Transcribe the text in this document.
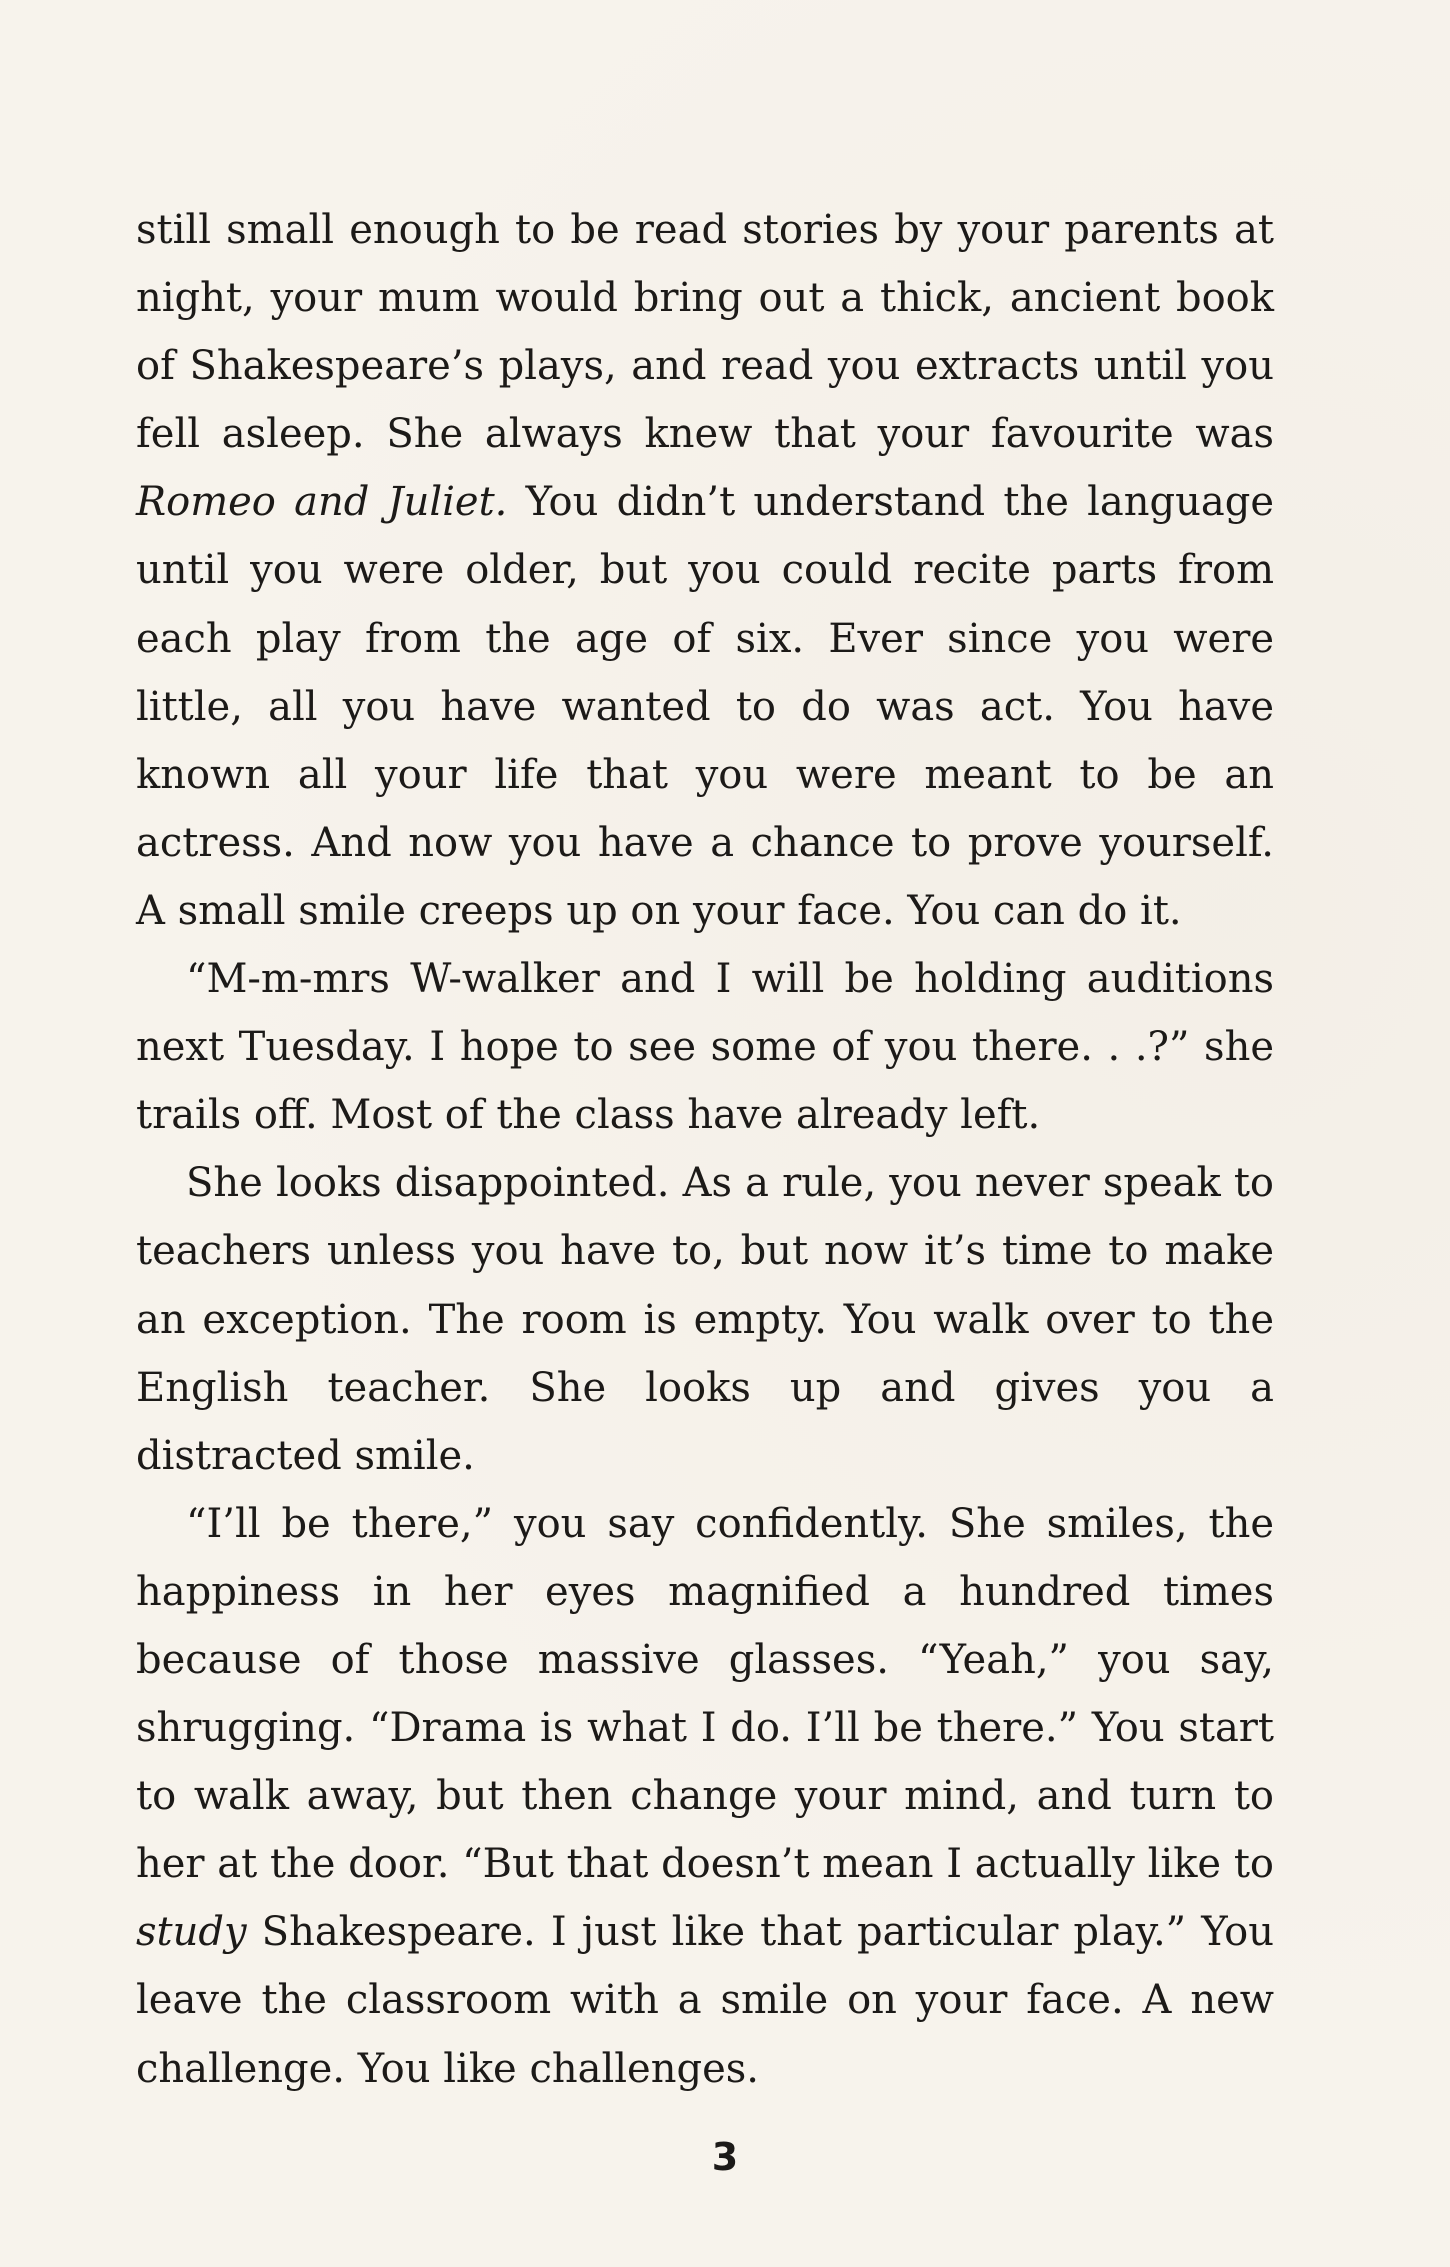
still small enough to be read stories by your parents at night, your mum would bring out a thick, ancient book of Shakespeare’s plays, and read you extracts until you fell asleep. She always knew that your favourite was Romeo and Juliet. You didn’t understand the language until you were older, but you could recite parts from each play from the age of six. Ever since you were little, all you have wanted to do was act. You have known all your life that you were meant to be an actress. And now you have a chance to prove yourself. A small smile creeps up on your face. You can do it.

“M-m-mrs W-walker and I will be holding auditions next Tuesday. I hope to see some of you there. . .?” she trails off. Most of the class have already left.

She looks disappointed. As a rule, you never speak to teachers unless you have to, but now it’s time to make an exception. The room is empty. You walk over to the English teacher. She looks up and gives you a distracted smile.

“I’ll be there,” you say confidently. She smiles, the happiness in her eyes magnified a hundred times because of those massive glasses. “Yeah,” you say, shrugging. “Drama is what I do. I’ll be there.” You start to walk away, but then change your mind, and turn to her at the door. “But that doesn’t mean I actually like to study Shakespeare. I just like that particular play.” You leave the classroom with a smile on your face. A new challenge. You like challenges.

3
